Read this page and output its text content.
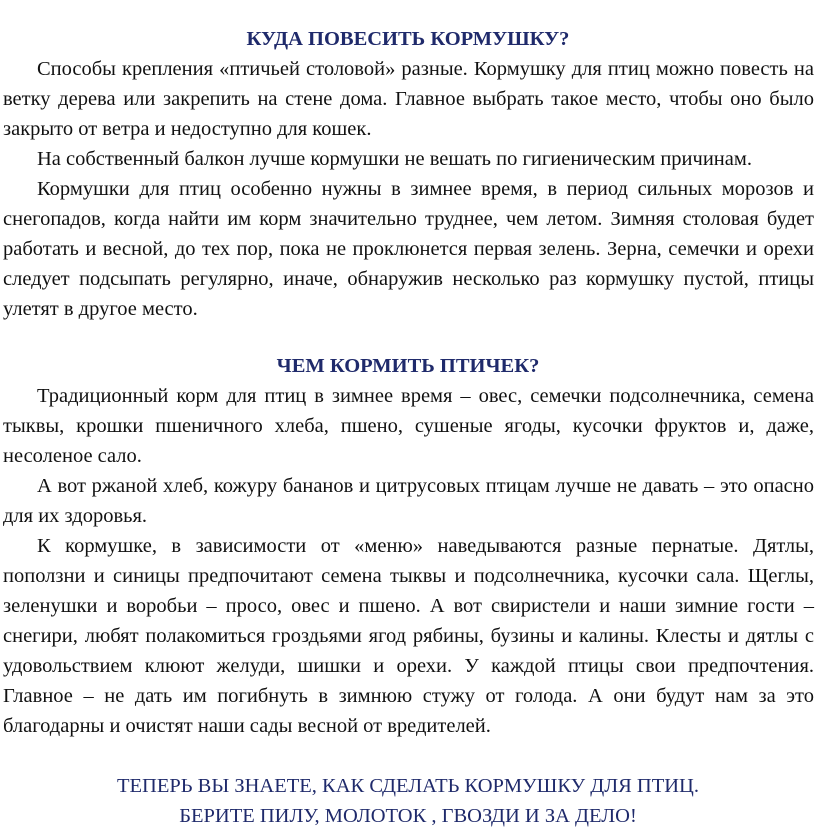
КУДА ПОВЕСИТЬ КОРМУШКУ?

Способы крепления «птичьей столовой» разные. Кормушку для птиц можно повесть на ветку дерева или закрепить на стене дома. Главное выбрать такое место, чтобы оно было закрыто от ветра и недоступно для кошек.

На собственный балкон лучше кормушки не вешать по гигиеническим причинам.

Кормушки для птиц особенно нужны в зимнее время, в период сильных морозов и снегопадов, когда найти им корм значительно труднее, чем летом. Зимняя столовая будет работать и весной, до тех пор, пока не проклюнется первая зелень. Зерна, семечки и орехи следует подсыпать регулярно, иначе, обнаружив несколько раз кормушку пустой, птицы улетят в другое место.

ЧЕМ КОРМИТЬ ПТИЧЕК?

Традиционный корм для птиц в зимнее время – овес, семечки подсолнечника, семена тыквы, крошки пшеничного хлеба, пшено, сушеные ягоды, кусочки фруктов и, даже, несоленое сало.

А вот ржаной хлеб, кожуру бананов и цитрусовых птицам лучше не давать – это опасно для их здоровья.

К кормушке, в зависимости от «меню» наведываются разные пернатые. Дятлы, поползни и синицы предпочитают семена тыквы и подсолнечника, кусочки сала. Щеглы, зеленушки и воробьи – просо, овес и пшено. А вот свиристели и наши зимние гости – снегири, любят полакомиться гроздьями ягод рябины, бузины и калины. Клесты и дятлы с удовольствием клюют желуди, шишки и орехи. У каждой птицы свои предпочтения. Главное – не дать им погибнуть в зимнюю стужу от голода. А они будут нам за это благодарны и очистят наши сады весной от вредителей.

ТЕПЕРЬ ВЫ ЗНАЕТЕ, КАК СДЕЛАТЬ КОРМУШКУ ДЛЯ ПТИЦ.

БЕРИТЕ ПИЛУ, МОЛОТОК , ГВОЗДИ И ЗА ДЕЛО!
